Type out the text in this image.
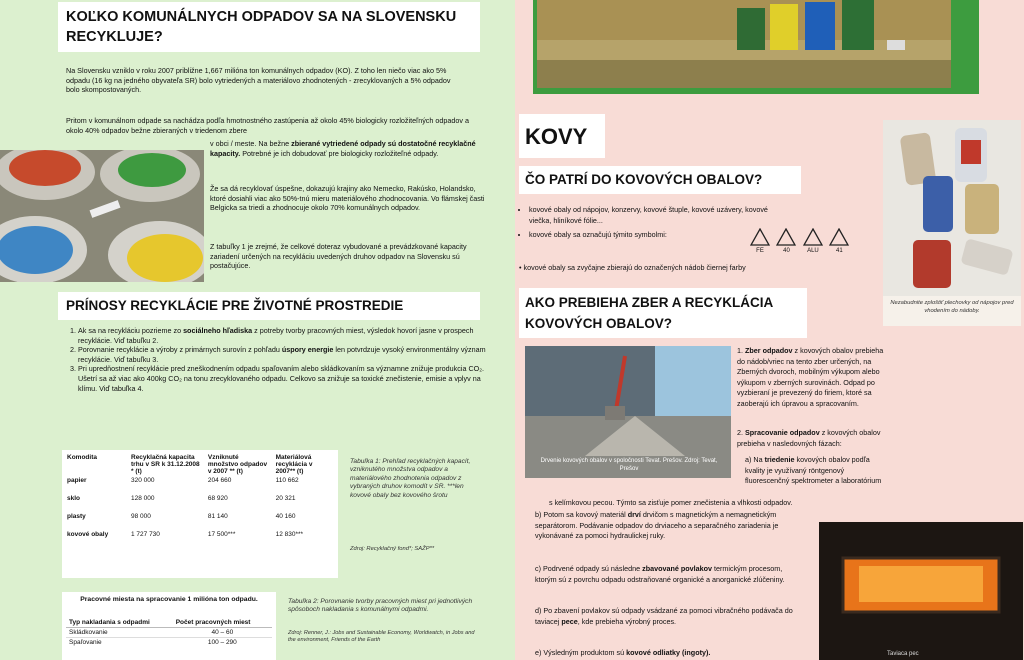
KOĽKO KOMUNÁLNYCH ODPADOV SA NA SLOVENSKU RECYKLUJE?

Na Slovensku vzniklo v roku 2007 približne 1,667 milióna ton komunálnych odpadov (KO). Z toho len niečo viac ako 5% odpadu (16 kg na jedného obyvateľa SR) bolo vytriedených a materiálovo zhodnotených - zrecyklovaných a 5% odpadov bolo skompostovaných.

Pritom v komunálnom odpade sa nachádza podľa hmotnostného zastúpenia až okolo 45% biologicky rozložiteľných odpadov a okolo 40% odpadov bežne zbieraných v triedenom zbere

v obci / meste. Na bežne zbierané vytriedené odpady sú dostatočné recyklačné kapacity. Potrebné je ich dobudovať pre biologicky rozložiteľné odpady.

Že sa dá recyklovať úspešne, dokazujú krajiny ako Nemecko, Rakúsko, Holandsko, ktoré dosiahli viac ako 50%-tnú mieru materiálového zhodnocovania. Vo flámskej časti Belgicka sa triedi a zhodnocuje okolo 70% komunálnych odpadov.

Z tabuľky 1 je zrejmé, že celkové doteraz vybudované a prevádzkované kapacity zariadení určených na recykláciu uvedených druhov odpadov na Slovensku sú postačujúce.

PRÍNOSY RECYKLÁCIE PRE ŽIVOTNÉ PROSTREDIE
1. Ak sa na recykláciu pozrieme zo sociálneho hľadiska z potreby tvorby pracovných miest, výsledok hovorí jasne v prospech recyklácie. Viď tabuľku 2.
2. Porovnanie recyklácie a výroby z primárnych surovín z pohľadu úspory energie len potvrdzuje vysoký environmentálny význam recyklácie. Viď tabuľku 3.
3. Pri upredňostnení recyklácie pred zneškodnením odpadu spaľovaním alebo skládkovaním sa významne znižuje produkcia CO₂. Ušetrí sa až viac ako 400kg CO₂ na tonu zrecyklovaného odpadu. Celkovo sa znižuje sa toxické znečistenie, emisie a vplyv na klímu. Viď tabuľka 4.
Komodita	Recyklačná kapacita trhu v SR k 31.12.2008 * (t)	Vzniknuté množstvo odpadov v 2007 ** (t)	Materiálová recyklácia v 2007** (t)
papier	320 000	204 660	110 662
sklo	128 000	68 920	20 321
plasty	98 000	81 140	40 160
kovové obaly	1 727 730	17 500***	12 830***
Tabuľka 1: Prehľad recyklačných kapacít, vzniknutého množstva odpadov a materiálového zhodnotenia odpadov z vybraných druhov komodít v SR. ***len kovové obaly bez kovového šrotu
Zdroj: Recyklačný fond*; SAŽP**
Pracovné miesta na spracovanie 1 milióna ton odpadu.
Typ nakladania s odpadmi	Počet pracovných miest
Skládkovanie	40 – 60
Spaľovanie	100 – 290
Tabuľka 2: Porovnanie tvorby pracovných miest pri jednotlivých spôsoboch nakladania s komunálnymi odpadmi.
Zdroj: Renner, J.: Jobs and Sustainable Economy, Worldwatch, in Jobs and the environment, Friends of the Earth
KOVY
ČO PATRÍ DO KOVOVÝCH OBALOV?
• kovové obaly od nápojov, konzervy, kovové štuple, kovové uzávery, kovové viečka, hliníkové fólie...
• kovové obaly sa označujú týmito symbolmi:
• kovové obaly sa zvyčajne zbierajú do označených nádob čiernej farby

FE	40	ALU	41
Nezabudnite zploštiť plechovky od nápojov pred vhodením do nádoby.
AKO PREBIEHA ZBER A RECYKLÁCIA KOVOVÝCH OBALOV?
Drvenie kovových obalov v spoločnosti Tevat. Prešov. Zdroj: Tevat, Prešov
1. Zber odpadov z kovových obalov prebieha do nádob/vriec na tento zber určených, na Zberných dvoroch, mobilným výkupom alebo výkupom v zberných surovinách. Odpad po vyzbieraní je prevezený do firiem, ktoré sa zaoberajú ich úpravou a spracovaním.
2. Spracovanie odpadov z kovových obalov prebieha v nasledovných fázach:
a) Na triedenie kovových obalov podľa kvality je využívaný röntgenový fluorescenčný spektrometer a laboratórium
s kelímkovou pecou. Týmto sa zisťuje pomer znečistenia a vlhkosti odpadov.
b) Potom sa kovový materiál drví drvičom s magnetickým a nemagnetickým separátorom. Podávanie odpadov do drviaceho a separačného zariadenia je vykonávané za pomoci hydraulickej ruky.
c) Podrvené odpady sú následne zbavované povlakov termickým procesom, ktorým sú z povrchu odpadu odstraňované organické a anorganické zlúčeniny.
d) Po zbavení povlakov sú odpady vsádzané za pomoci vibračného podávača do taviacej pece, kde prebieha výrobný proces.
e) Výsledným produktom sú kovové odliatky (ingoty).	Taviaca pec
